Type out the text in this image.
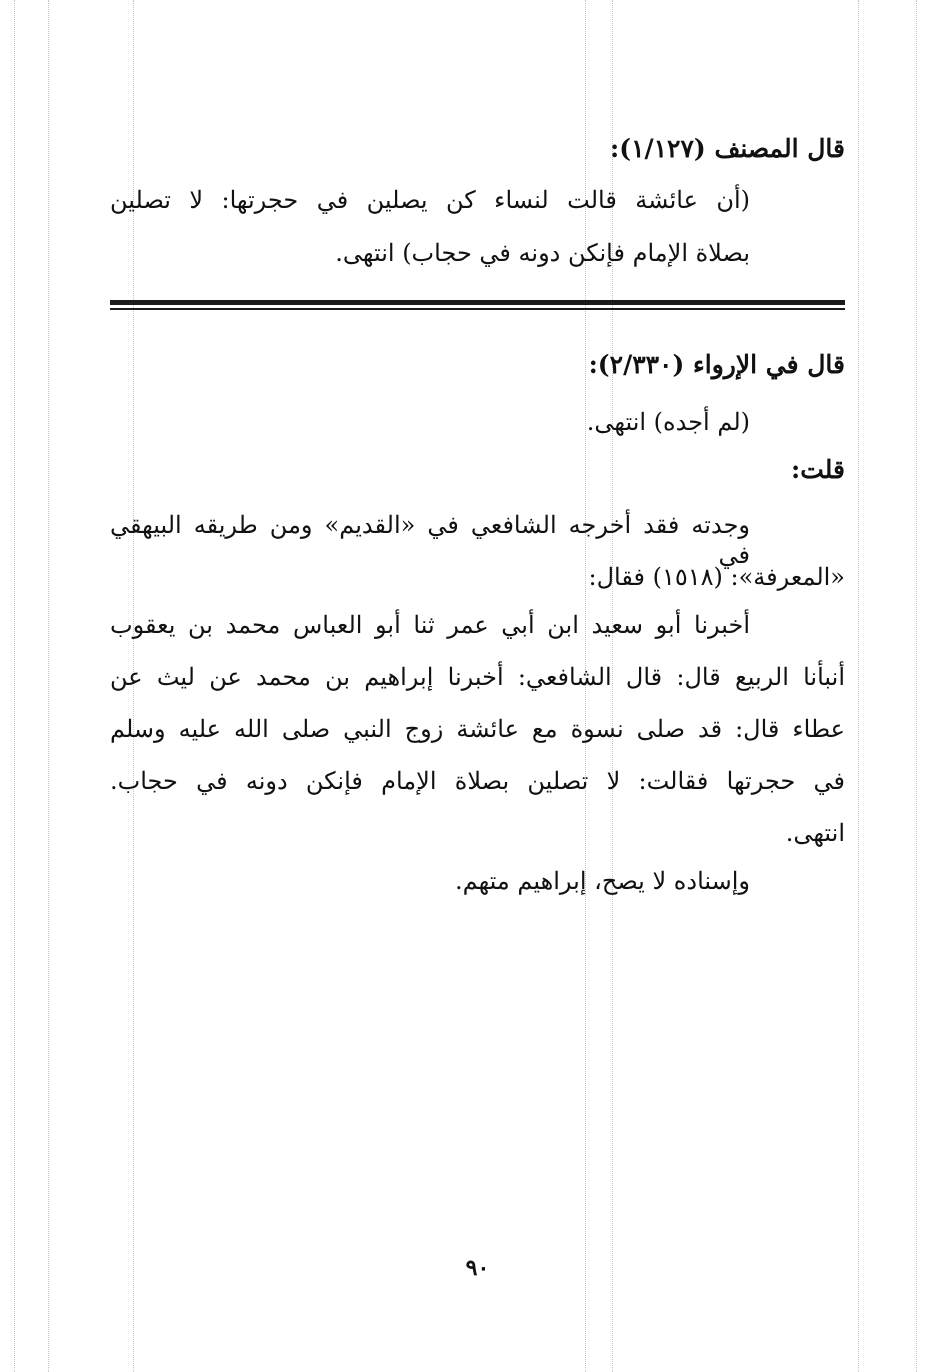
قال المصنف (١/١٢٧):
(أن عائشة قالت لنساء كن يصلين في حجرتها: لا تصلين
بصلاة الإمام فإنكن دونه في حجاب) انتهى.
قال في الإرواء (٢/٣٣٠):
(لم أجده) انتهى.
قلت:
وجدته فقد أخرجه الشافعي في «القديم» ومن طريقه البيهقي في
«المعرفة»: (١٥١٨) فقال:
أخبرنا أبو سعيد ابن أبي عمر ثنا أبو العباس محمد بن يعقوب
أنبأنا الربيع قال: قال الشافعي: أخبرنا إبراهيم بن محمد عن ليث عن
عطاء قال: قد صلى نسوة مع عائشة زوج النبي صلى الله عليه وسلم
في حجرتها فقالت: لا تصلين بصلاة الإمام فإنكن دونه في حجاب.
انتهى.
وإسناده لا يصح، إبراهيم متهم.
٩٠
